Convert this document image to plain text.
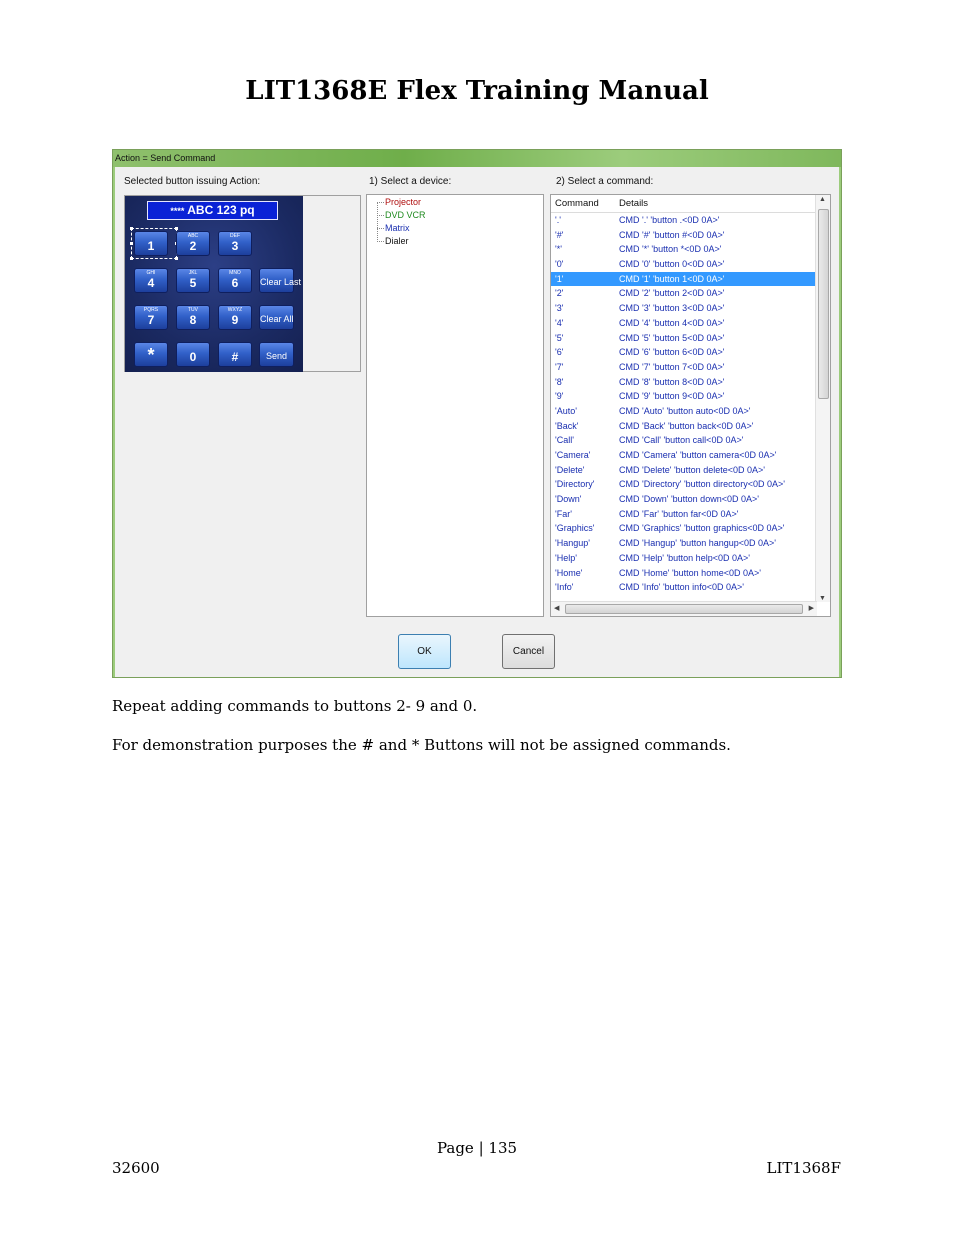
LIT1368E Flex Training Manual
Action = Send Command
Selected button issuing Action:	1) Select a device:	2) Select a command:
**** ABC 123 pq
1
ABC
2
DEF
3
GHI
4
JKL
5
MNO
6	Clear Last
PQRS
7
TUV
8
WXYZ
9	Clear All
*	0	#	Send
Projector
DVD VCR
Matrix
Dialer
Command Details
'.'	CMD '.' 'button .<0D 0A>'
'#'	CMD '#' 'button #<0D 0A>'
'*'	CMD '*' 'button *<0D 0A>'
'0'	CMD '0' 'button 0<0D 0A>'
'1'	CMD '1' 'button 1<0D 0A>'
'2'	CMD '2' 'button 2<0D 0A>'
'3'	CMD '3' 'button 3<0D 0A>'
'4'	CMD '4' 'button 4<0D 0A>'
'5'	CMD '5' 'button 5<0D 0A>'
'6'	CMD '6' 'button 6<0D 0A>'
'7'	CMD '7' 'button 7<0D 0A>'
'8'	CMD '8' 'button 8<0D 0A>'
'9'	CMD '9' 'button 9<0D 0A>'
'Auto'	CMD 'Auto' 'button auto<0D 0A>'
'Back'	CMD 'Back' 'button back<0D 0A>'
'Call'	CMD 'Call' 'button call<0D 0A>'
'Camera'	CMD 'Camera' 'button camera<0D 0A>'
'Delete'	CMD 'Delete' 'button delete<0D 0A>'
'Directory'	CMD 'Directory' 'button directory<0D 0A>'
'Down'	CMD 'Down' 'button down<0D 0A>'
'Far'	CMD 'Far' 'button far<0D 0A>'
'Graphics'	CMD 'Graphics' 'button graphics<0D 0A>'
'Hangup'	CMD 'Hangup' 'button hangup<0D 0A>'
'Help'	CMD 'Help' 'button help<0D 0A>'
'Home'	CMD 'Home' 'button home<0D 0A>'
'Info'	CMD 'Info' 'button info<0D 0A>'
▲
▼
◀	▶
OK	Cancel
Repeat adding commands to buttons 2- 9 and 0.
For demonstration purposes the # and * Buttons will not be assigned commands.
Page | 135
32600	LIT1368F
